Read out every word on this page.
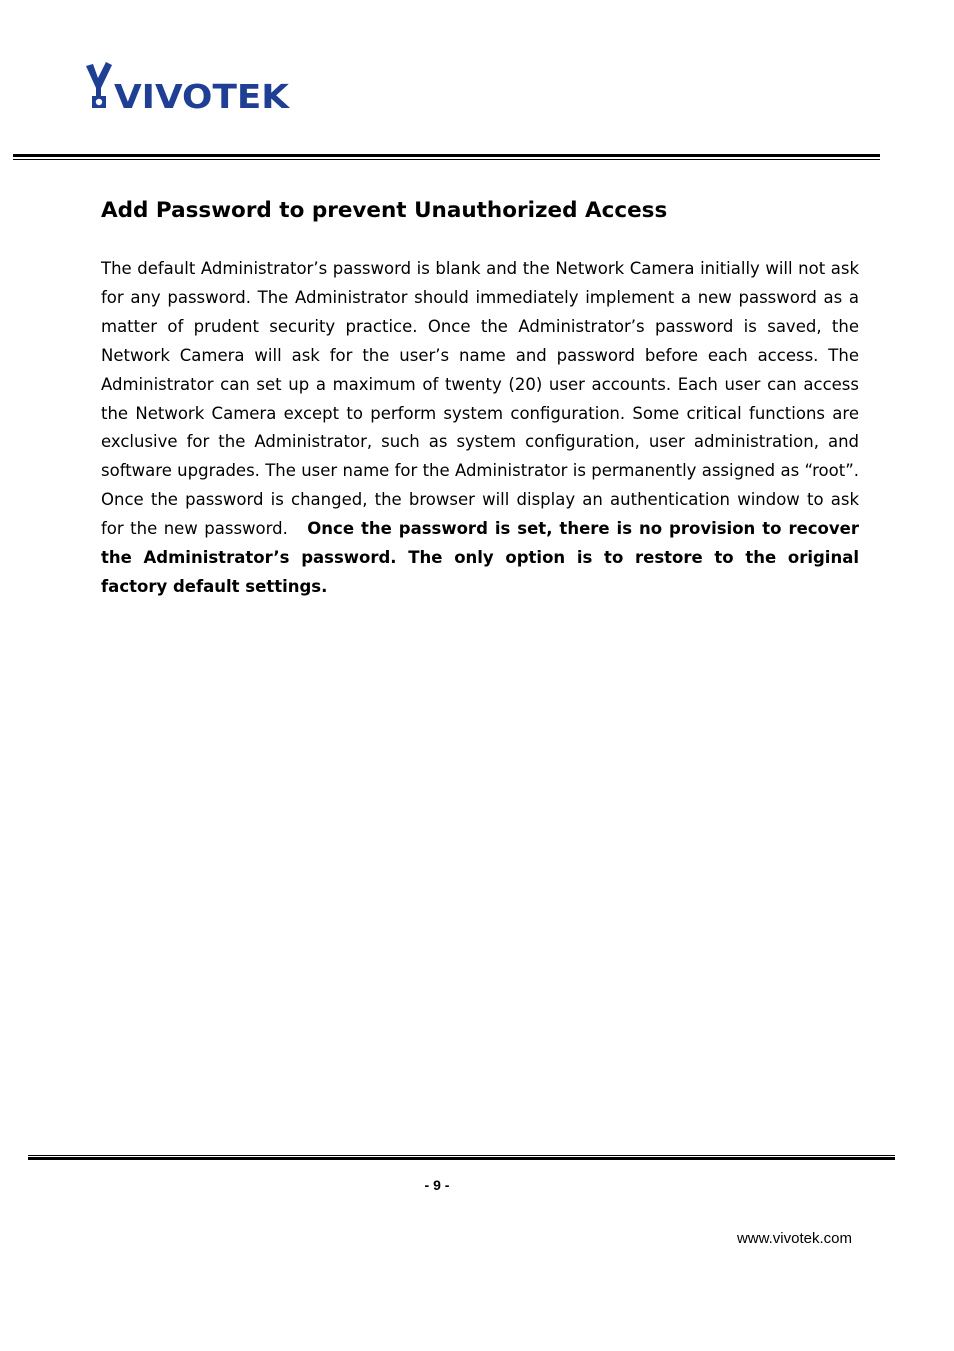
VIVOTEK
Add Password to prevent Unauthorized Access

The default Administrator’s password is blank and the Network Camera initially will not ask for any password. The Administrator should immediately implement a new password as a matter of prudent security practice. Once the Administrator’s password is saved, the Network Camera will ask for the user’s name and password before each access. The Administrator can set up a maximum of twenty (20) user accounts. Each user can access the Network Camera except to perform system configuration. Some critical functions are exclusive for the Administrator, such as system configuration, user administration, and software upgrades. The user name for the Administrator is permanently assigned as “root”. Once the password is changed, the browser will display an authentication window to ask for the new password. Once the password is set, there is no provision to recover the Administrator’s password. The only option is to restore to the original factory default settings.

- 9 -
www.vivotek.com
